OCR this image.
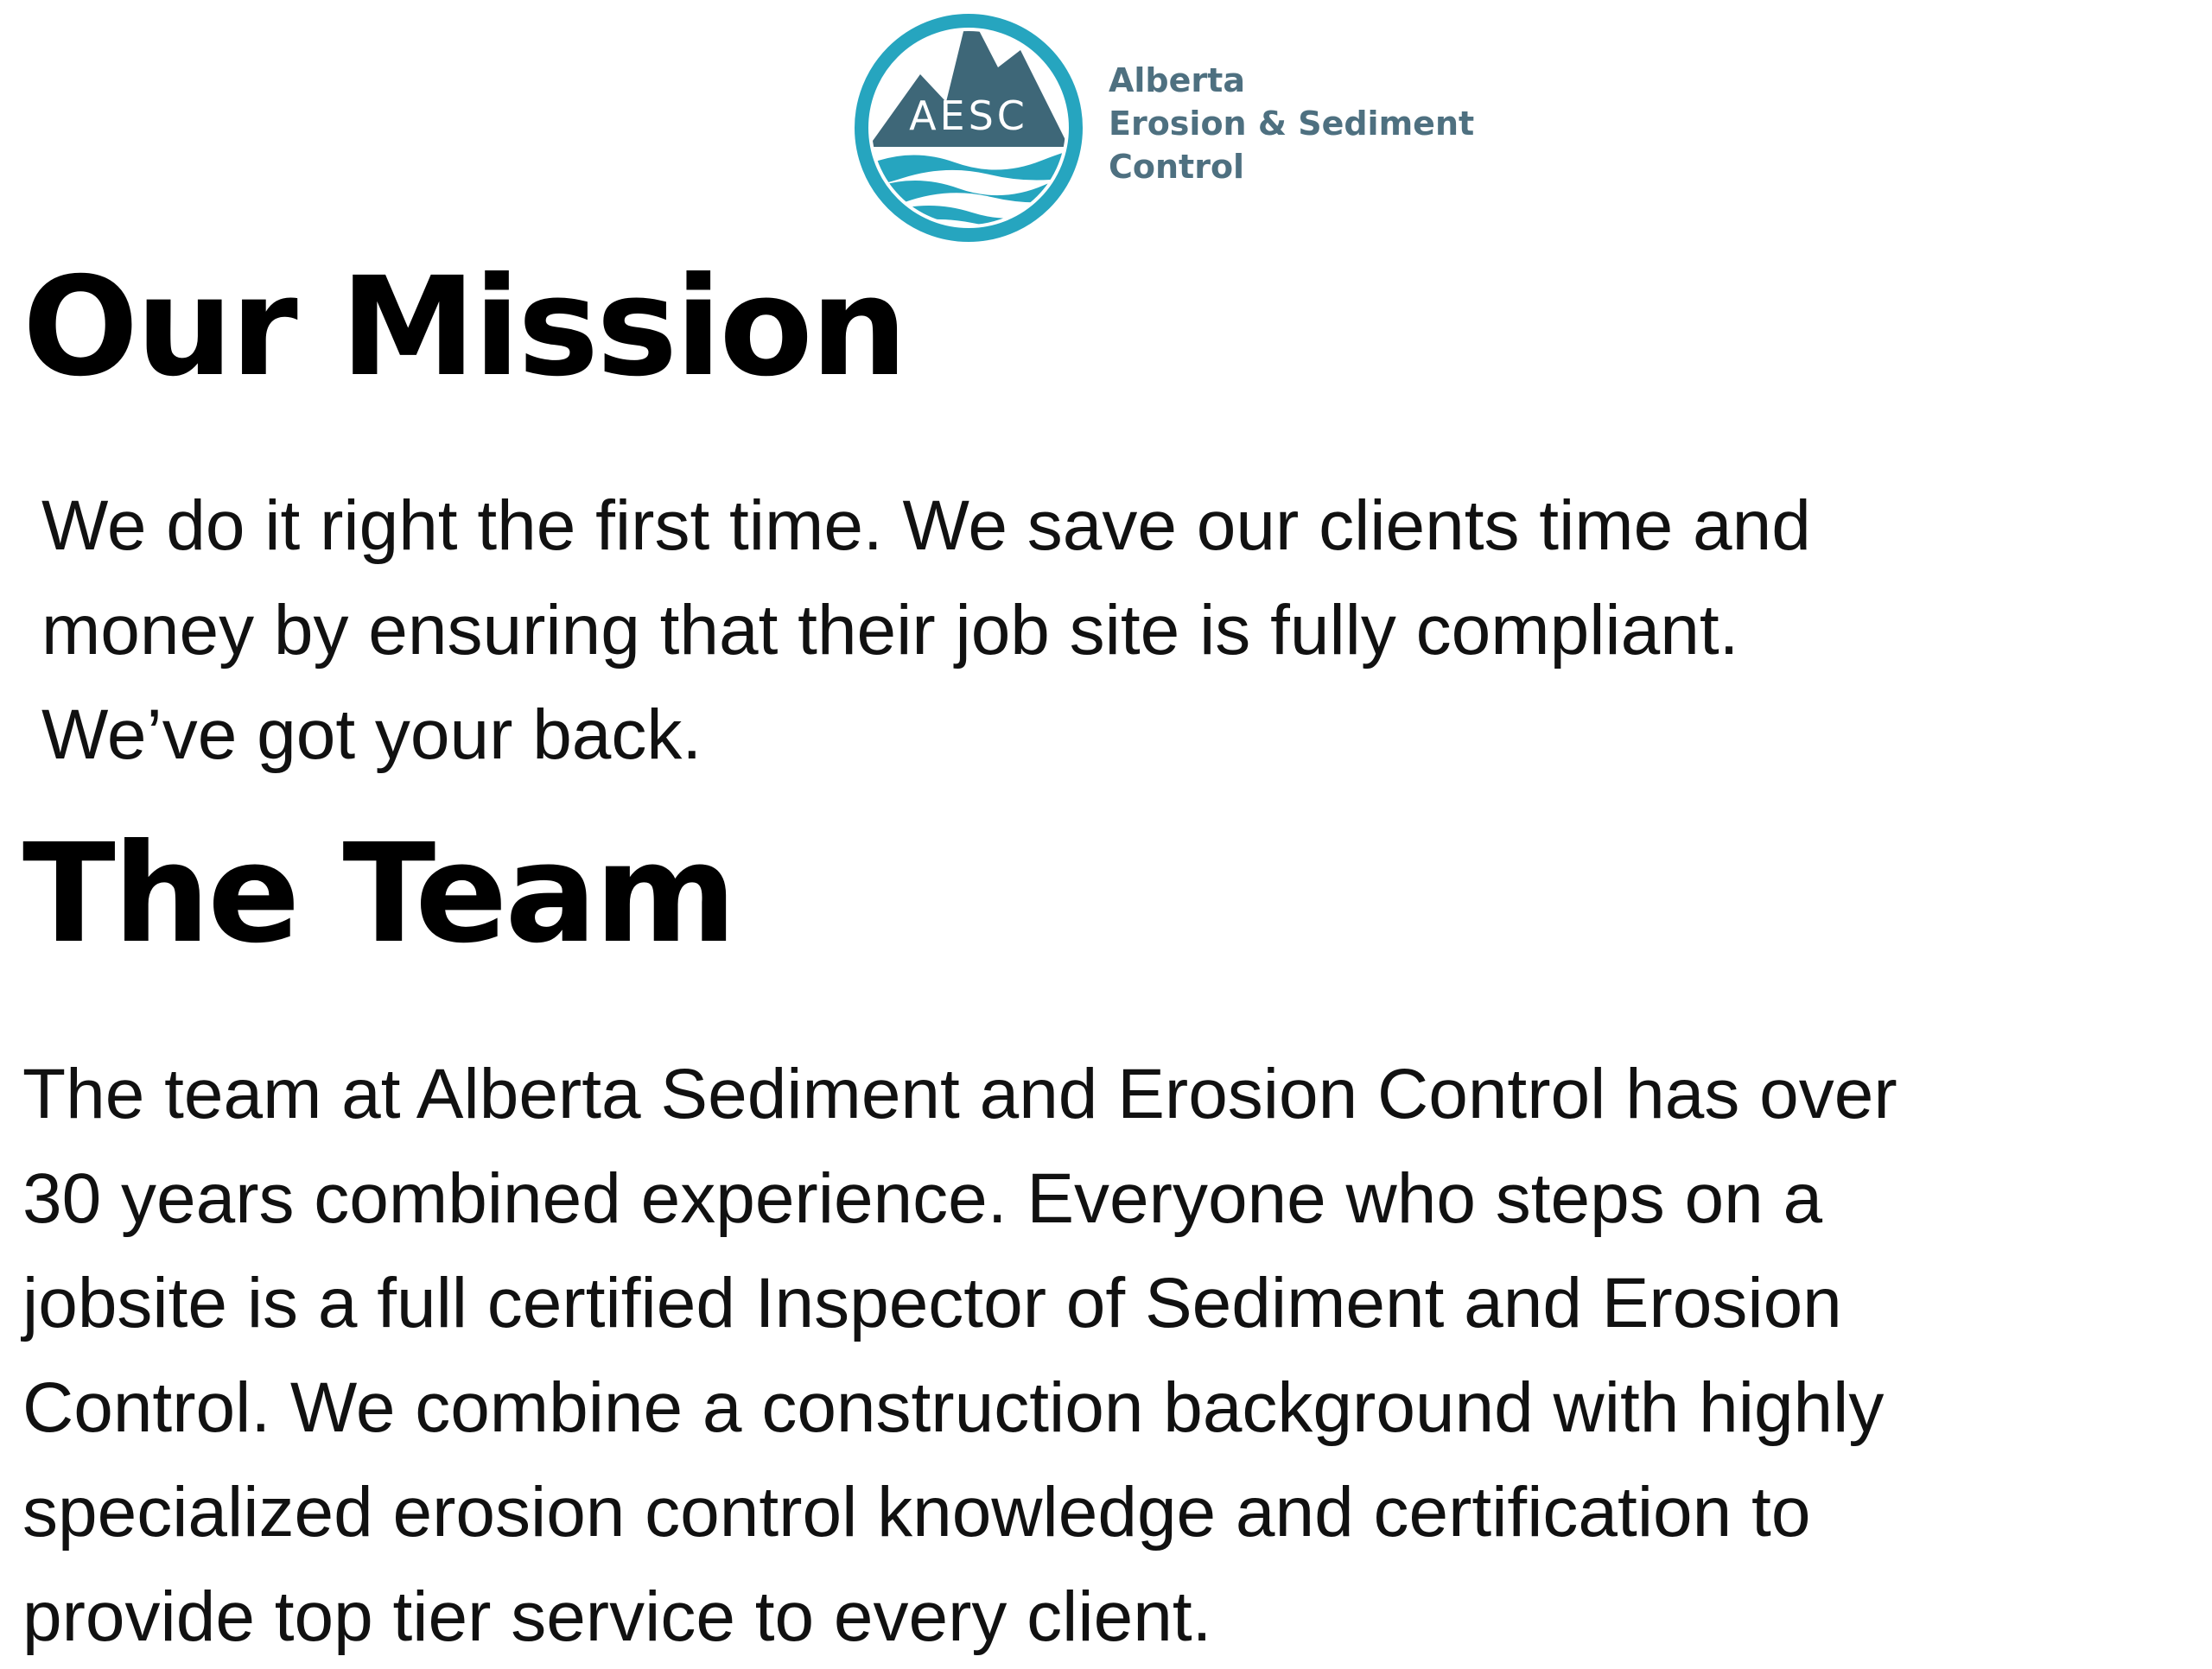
AESC
Alberta
Erosion & Sediment
Control
Our Mission

We do it right the first time. We save our clients time and
money by ensuring that their job site is fully compliant.
We’ve got your back.

The Team

The team at Alberta Sediment and Erosion Control has over
30 years combined experience. Everyone who steps on a
jobsite is a full certified Inspector of Sediment and Erosion
Control. We combine a construction background with highly
specialized erosion control knowledge and certification to
provide top tier service to every client.
